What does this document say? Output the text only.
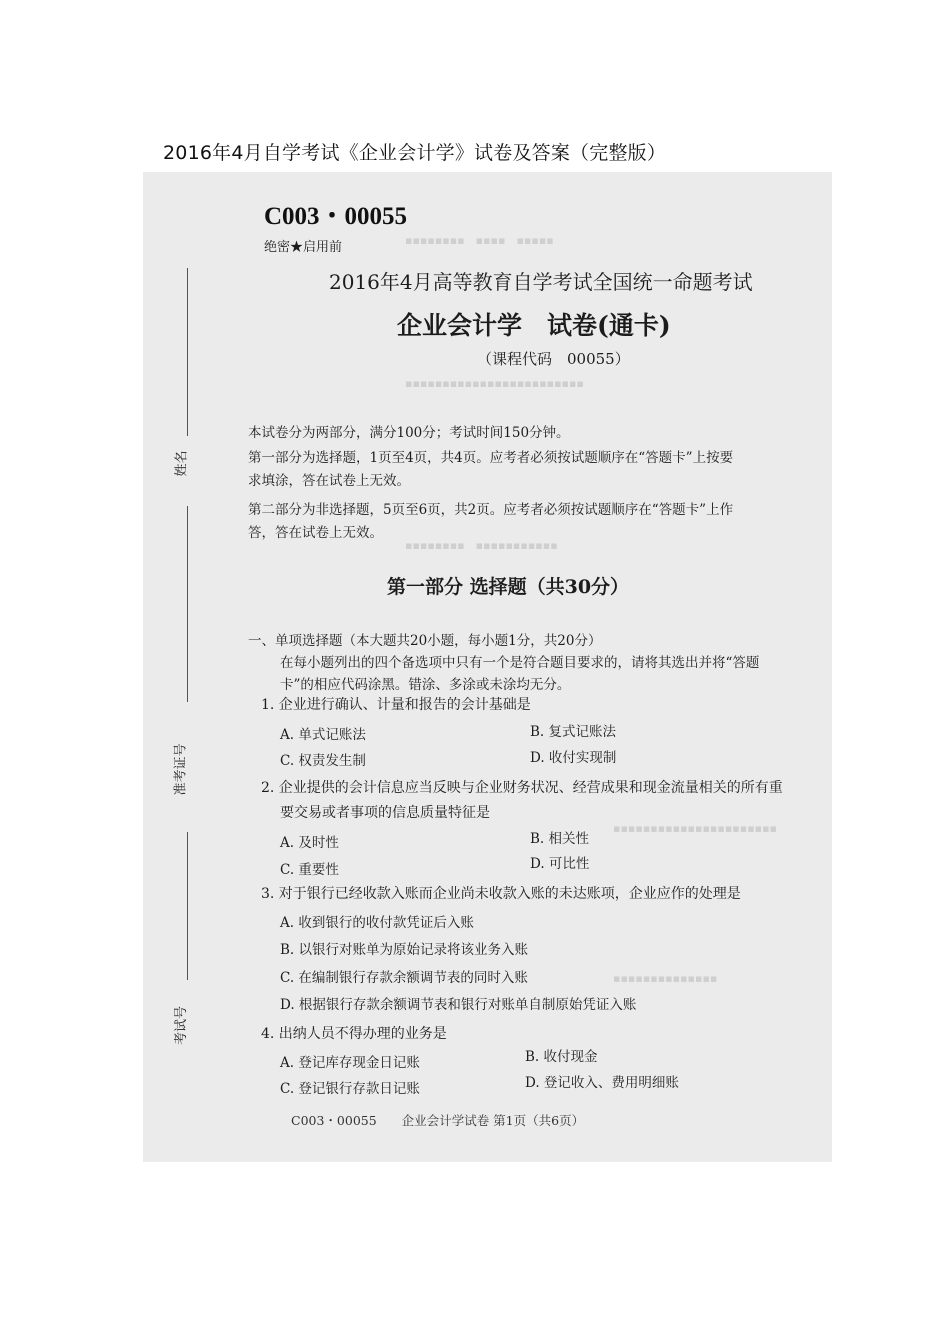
2016年4月自学考试《企业会计学》试卷及答案（完整版）
▪▪▪▪▪▪▪▪　▪▪▪▪　▪▪▪▪▪
▪▪▪▪▪▪▪▪▪▪▪▪▪▪▪▪▪▪▪▪▪▪▪▪
▪▪▪▪▪▪▪▪　▪▪▪▪▪▪▪▪▪▪▪
▪▪▪▪▪▪▪▪▪▪▪▪▪▪▪▪▪▪▪▪▪▪
▪▪▪▪▪▪▪▪▪▪▪▪▪▪
姓名
准考证号
考试号
C003・00055
绝密★启用前
2016年4月高等教育自学考试全国统一命题考试
企业会计学　试卷(通卡)
（课程代码　00055）
本试卷分为两部分，满分100分；考试时间150分钟。
第一部分为选择题，1页至4页，共4页。应考者必须按试题顺序在“答题卡”上按要
求填涂，答在试卷上无效。
第二部分为非选择题，5页至6页，共2页。应考者必须按试题顺序在“答题卡”上作
答，答在试卷上无效。
第一部分 选择题（共30分）
一、单项选择题（本大题共20小题，每小题1分，共20分）
在每小题列出的四个备选项中只有一个是符合题目要求的，请将其选出并将“答题
卡”的相应代码涂黑。错涂、多涂或未涂均无分。
1. 企业进行确认、计量和报告的会计基础是
A. 单式记账法	B. 复式记账法
C. 权责发生制	D. 收付实现制
2. 企业提供的会计信息应当反映与企业财务状况、经营成果和现金流量相关的所有重
要交易或者事项的信息质量特征是
A. 及时性	B. 相关性
C. 重要性	D. 可比性
3. 对于银行已经收款入账而企业尚未收款入账的未达账项，企业应作的处理是
A. 收到银行的收付款凭证后入账
B. 以银行对账单为原始记录将该业务入账
C. 在编制银行存款余额调节表的同时入账
D. 根据银行存款余额调节表和银行对账单自制原始凭证入账
4. 出纳人员不得办理的业务是
A. 登记库存现金日记账	B. 收付现金
C. 登记银行存款日记账	D. 登记收入、费用明细账
C003・00055　　企业会计学试卷 第1页（共6页）
